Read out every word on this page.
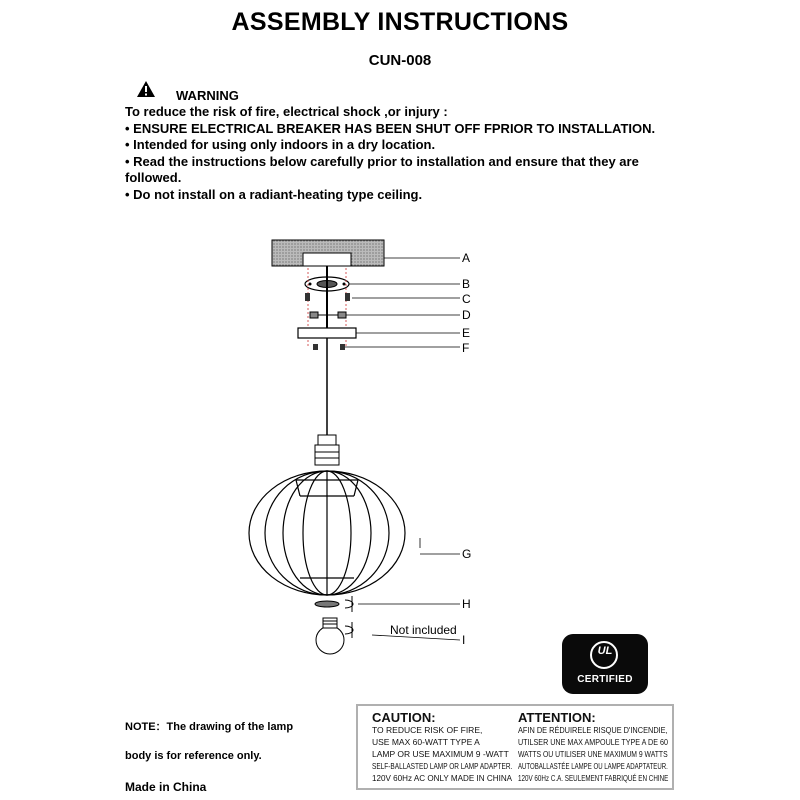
ASSEMBLY INSTRUCTIONS
CUN-008
WARNING
To reduce the risk of fire, electrical shock ,or injury :
• ENSURE ELECTRICAL BREAKER HAS BEEN SHUT OFF FPRIOR TO INSTALLATION.
• Intended for using only indoors in a dry location.
• Read the instructions below carefully prior to installation and ensure that they are
followed.
• Do not install on a radiant-heating type ceiling.
A
B
C
D
E
F
G
H
I
Not included
UL
CERTIFIED
NOTE：The drawing of the lamp
body is for reference only.
Made in China
CAUTION:
TO REDUCE RISK OF FIRE,
USE MAX 60-WATT TYPE A
LAMP OR USE MAXIMUM 9 -WATT
SELF-BALLASTED LAMP OR LAMP ADAPTER.
120V 60Hz AC ONLY MADE IN CHINA
ATTENTION:
AFIN DE RÉDUIRELE RISQUE D'INCENDIE,
UTILSER UNE MAX AMPOULE TYPE A DE 60
WATTS OU UTILISER UNE MAXIMUM 9 WATTS
AUTOBALLASTÉE LAMPE OU LAMPE ADAPTATEUR.
120V 60Hz C.A. SEULEMENT FABRIQUÉ EN CHINE
